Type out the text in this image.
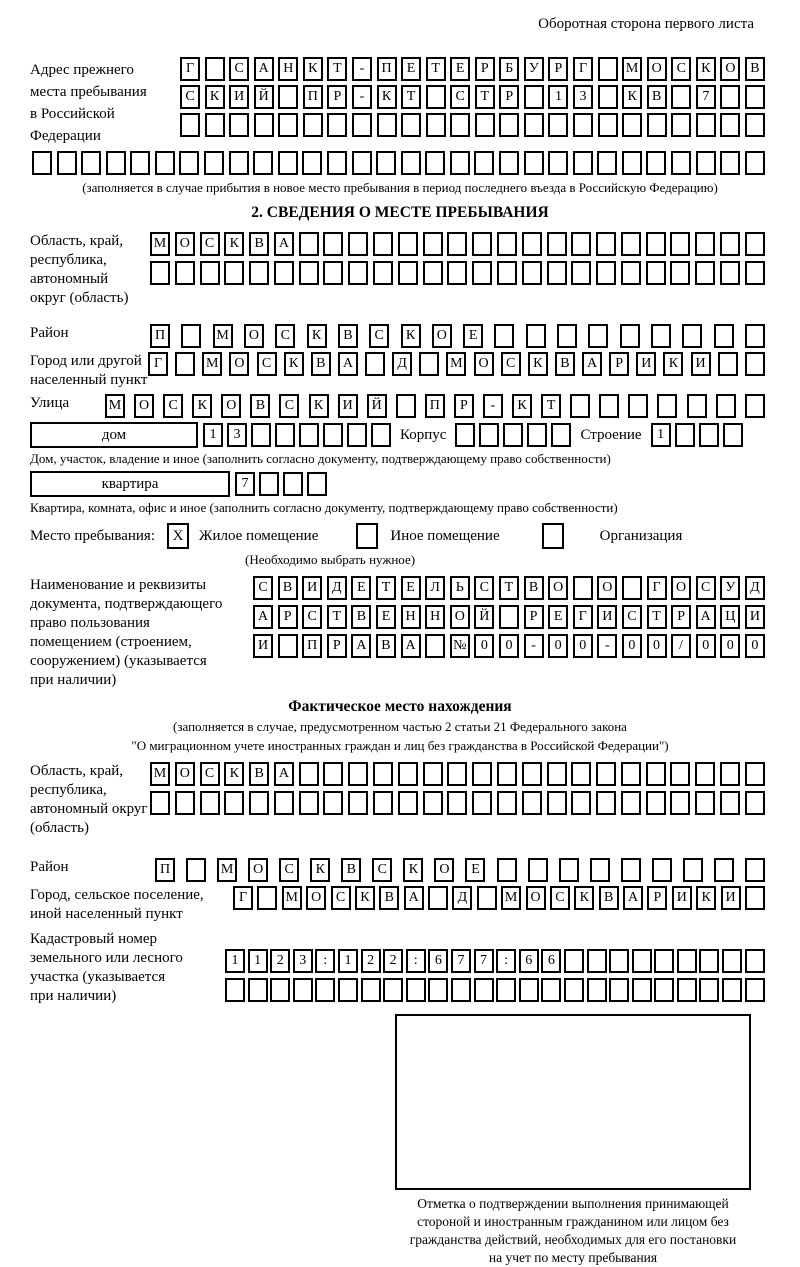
Оборотная сторона первого листа
Адрес прежнего
места пребывания
в Российской
Федерации
Г	С	А	Н	К	Т	-	П	Е	Т	Е	Р	Б	У	Р	Г	М О	С	К	О	В
С	К	И	Й	П	Р	-	К	Т	С	Т	Р	1	3	К	В	7
(заполняется в случае прибытия в новое место пребывания в период последнего въезда в Российскую Федерацию)
2. СВЕДЕНИЯ О МЕСТЕ ПРЕБЫВАНИЯ
Область, край,
республика,
автономный
округ (область)
М О	С	К	В	А
Район	П	М	О	С	К	В	С	К	О	Е
Город или другой
населенный пункт
Г	М	О	С	К	В	А	Д	М	О	С	К	В	А	Р	И	К	И
Улица	М	О	С	К	О	В	С	К	И	Й	П	Р	-	К	Т
дом	1	3	Корпус	Строение	1
Дом, участок, владение и иное (заполнить согласно документу, подтверждающему право собственности)
квартира	7
Квартира, комната, офис и иное (заполнить согласно документу, подтверждающему право собственности)
Место пребывания:	X	Жилое помещение	Иное помещение	Организация
(Необходимо выбрать нужное)
Наименование и реквизиты
документа, подтверждающего
право пользования
помещением (строением,
сооружением) (указывается
при наличии)
С	В	И	Д	Е	Т	Е	Л	Ь	С	Т	В	О	О	Г	О	С	У	Д
А	Р	С	Т	В	Е	Н	Н	О	Й	Р	Е	Г	И	С	Т	Р	А	Ц	И
И	П	Р	А	В	А	№	0	0	-	0	0	-	0	0	/	0	0	0
Фактическое место нахождения
(заполняется в случае, предусмотренном частью 2 статьи 21 Федерального закона
"О миграционном учете иностранных граждан и лиц без гражданства в Российской Федерации")
Область, край,
республика,
автономный округ
(область)
М О	С	К	В	А
Район	П	М	О	С	К	В	С	К	О	Е
Город, сельское поселение,
иной населенный пункт
Г	М О	С	К	В	А	Д	М О	С	К	В	А	Р	И	К	И
Кадастровый номер
земельного или лесного
участка (указывается
при наличии)
1	1	2	3	:	1	2	2	:	6	7	7	:	6	6
Отметка о подтверждении выполнения принимающей
стороной и иностранным гражданином или лицом без
гражданства действий, необходимых для его постановки
на учет по месту пребывания
